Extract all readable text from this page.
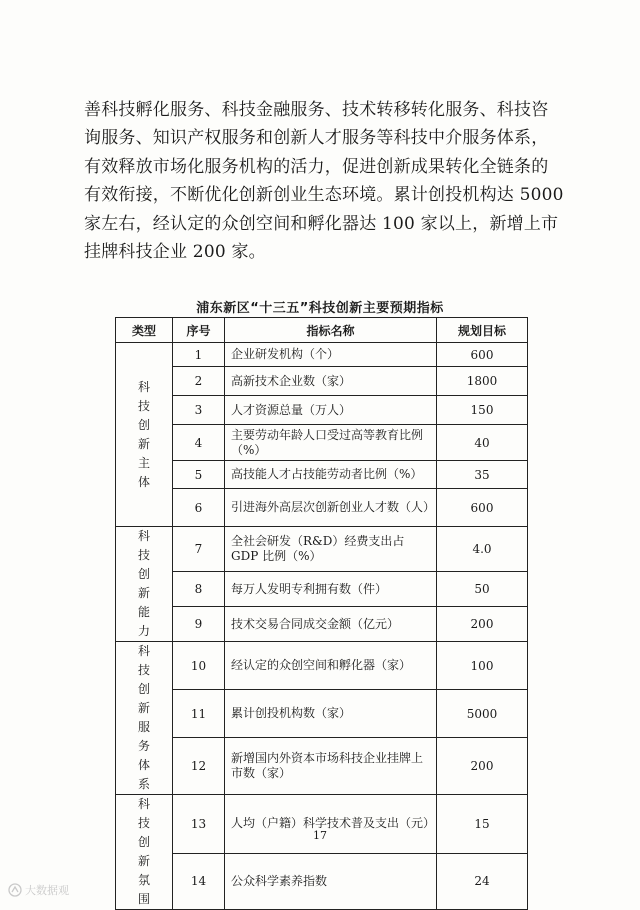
善科技孵化服务、科技金融服务、技术转移转化服务、科技咨
询服务、知识产权服务和创新人才服务等科技中介服务体系，
有效释放市场化服务机构的活力，促进创新成果转化全链条的
有效衔接，不断优化创新创业生态环境。累计创投机构达 5000
家左右，经认定的众创空间和孵化器达 100 家以上，新增上市
挂牌科技企业 200 家。
浦东新区“十三五”科技创新主要预期指标
类型	序号	指标名称	规划目标
科技创新主体	1	企业研发机构（个）	600
	2	高新技术企业数（家）	1800
	3	人才资源总量（万人）	150
	4	主要劳动年龄人口受过高等教育比例（%）	40
	5	高技能人才占技能劳动者比例（%）	35
	6	引进海外高层次创新创业人才数（人）	600
科技创新能力	7	全社会研发（R&D）经费支出占 GDP 比例（%）	4.0
	8	每万人发明专利拥有数（件）	50
	9	技术交易合同成交金额（亿元）	200
科技创新服务体系	10	经认定的众创空间和孵化器（家）	100
	11	累计创投机构数（家）	5000
	12	新增国内外资本市场科技企业挂牌上市数（家）	200
科技创新氛围	13	人均（户籍）科学技术普及支出（元）	15
	14	公众科学素养指数	24
17
大数据观
